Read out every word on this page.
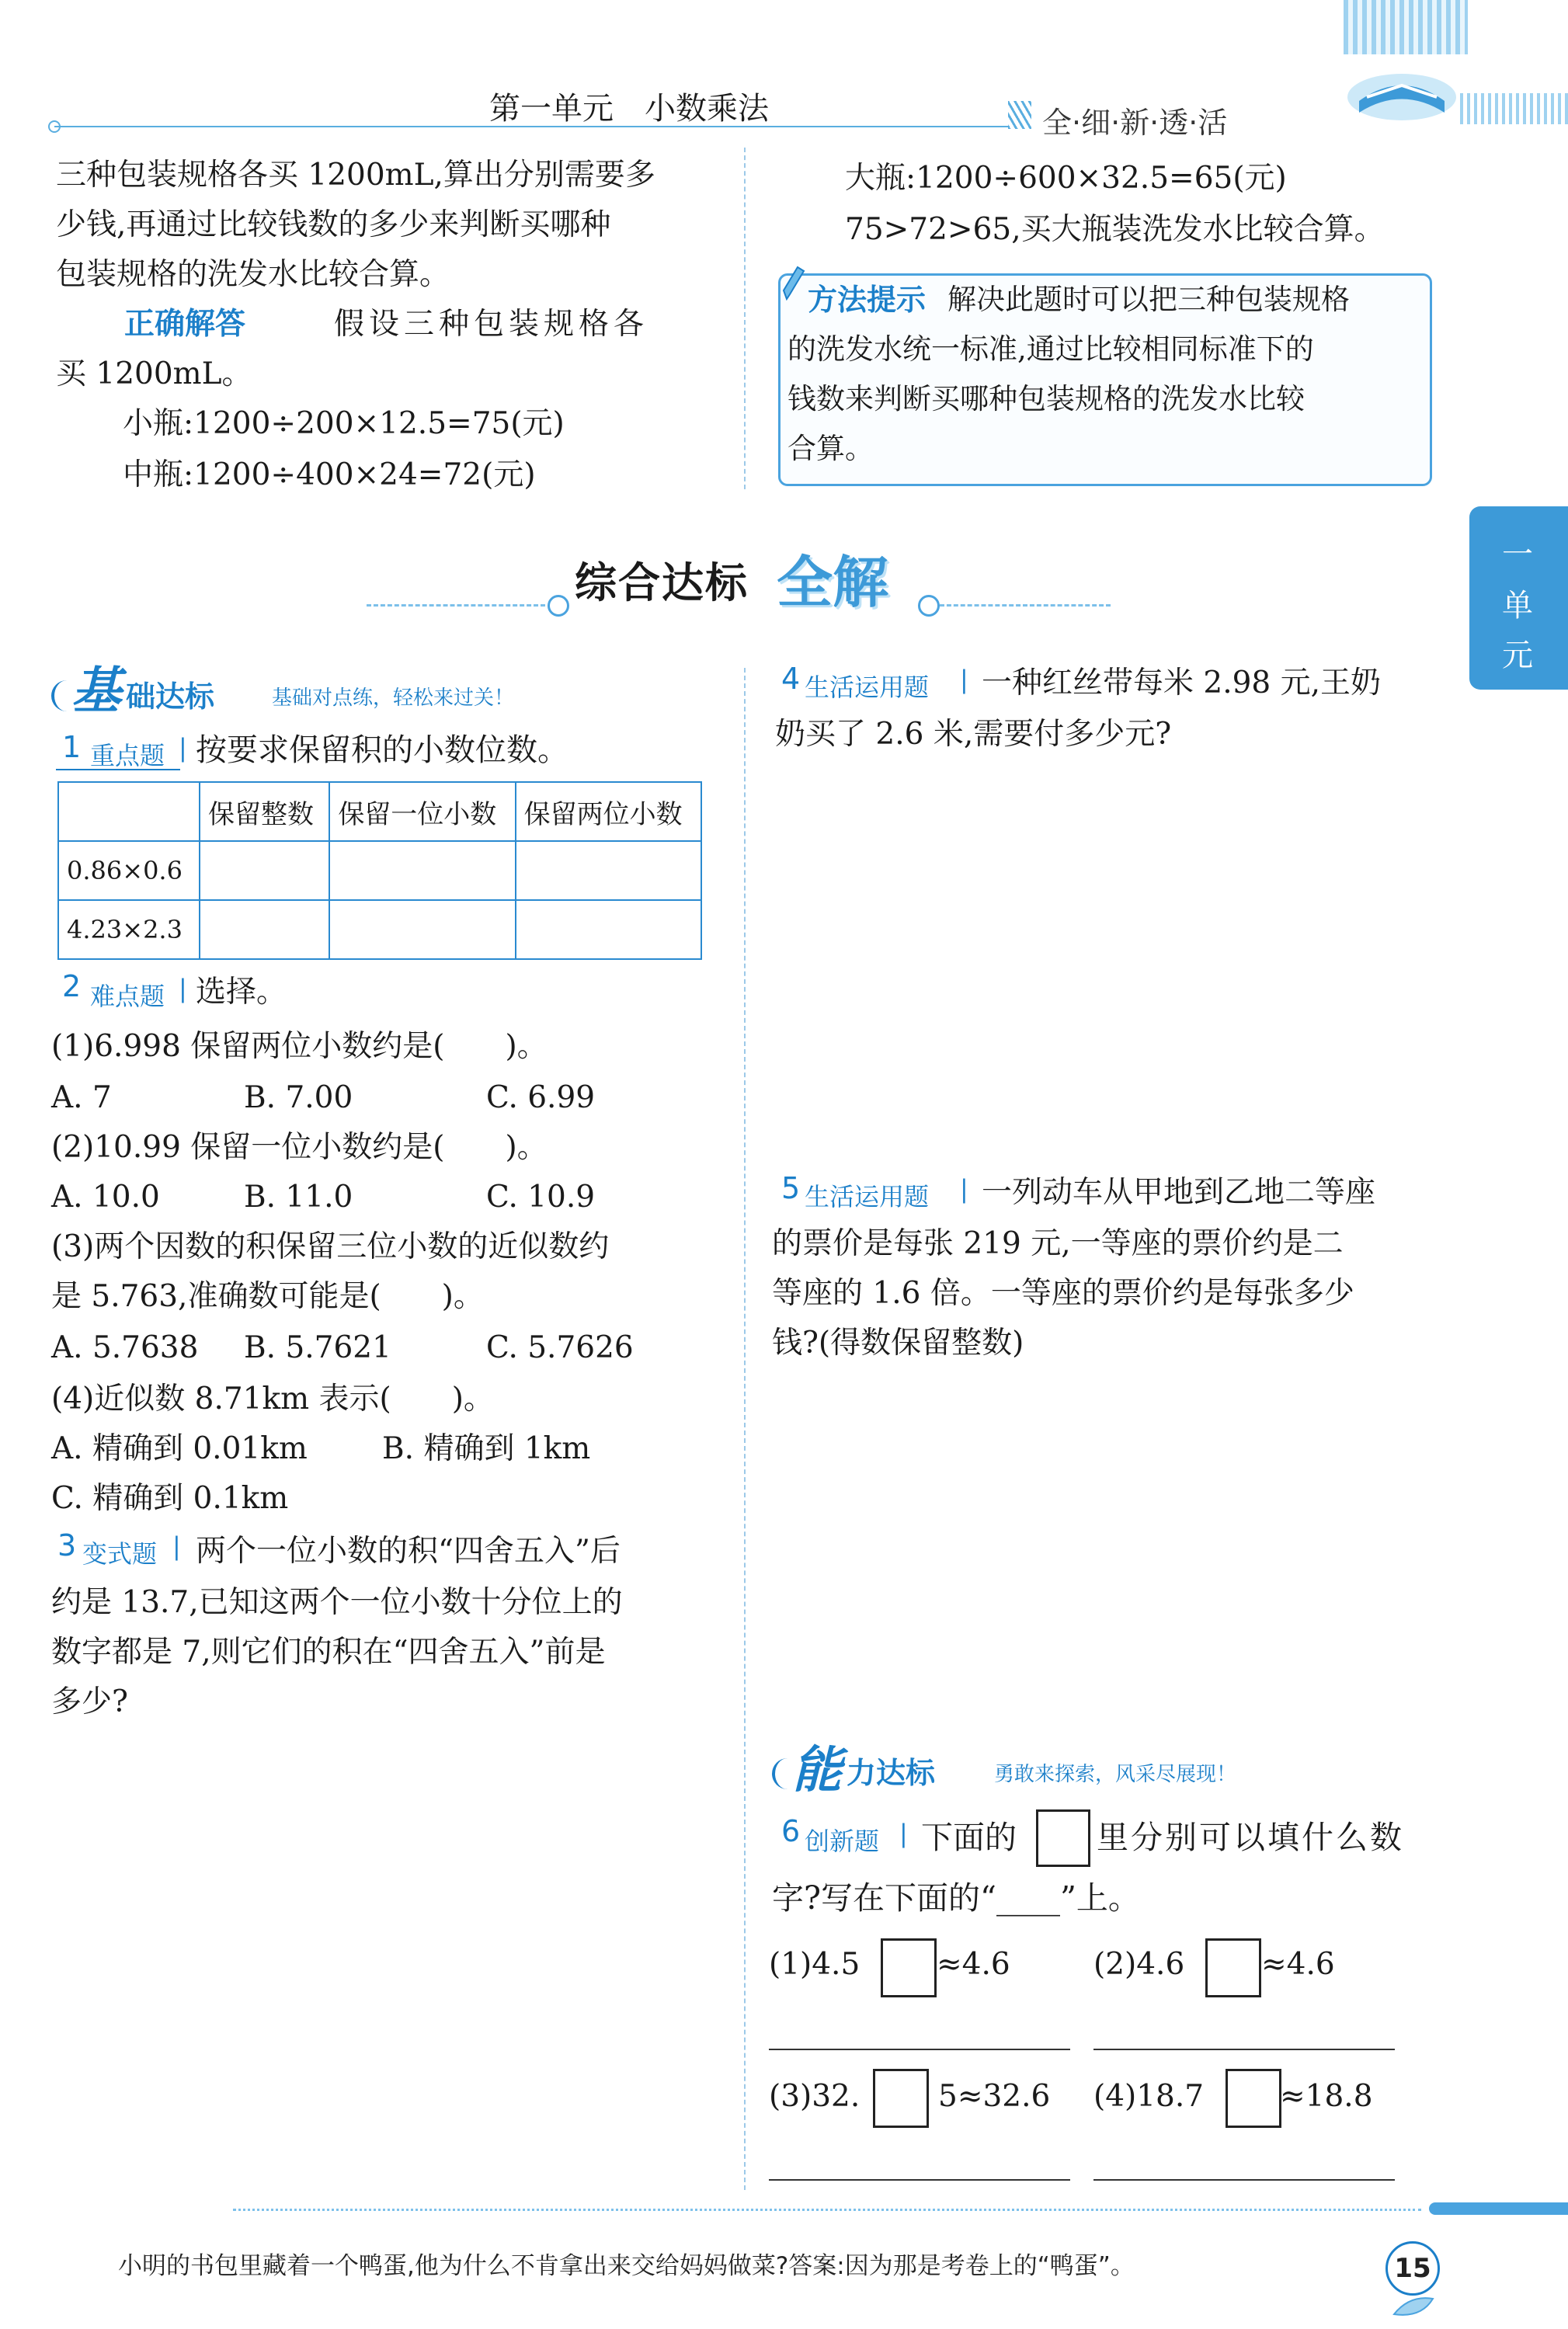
第一单元　小数乘法	全·细·新·透·活
三种包装规格各买 1200mL,算出分别需要多
少钱,再通过比较钱数的多少来判断买哪种
包装规格的洗发水比较合算。
正确解答	假设三种包装规格各
买 1200mL。
小瓶:1200÷200×12.5=75(元)
中瓶:1200÷400×24=72(元)
大瓶:1200÷600×32.5=65(元)
75>72>65,买大瓶装洗发水比较合算。
方法提示 解决此题时可以把三种包装规格
的洗发水统一标准,通过比较相同标准下的
钱数来判断买哪种包装规格的洗发水比较
合算。
一
单
元
综合达标 全解
基 础达标	基础对点练，轻松来过关！
1 重点题 | 按要求保留积的小数位数。
	保留整数	保留一位小数	保留两位小数
0.86×0.6			
4.23×2.3			
2 难点题 | 选择。
(1)6.998 保留两位小数约是(　　)。
A. 7	B. 7.00	C. 6.99
(2)10.99 保留一位小数约是(　　)。
A. 10.0	B. 11.0	C. 10.9
(3)两个因数的积保留三位小数的近似数约
是 5.763,准确数可能是(　　)。
A. 5.7638 B. 5.7621	C. 5.7626
(4)近似数 8.71km 表示(　　)。
A. 精确到 0.01km B. 精确到 1km
C. 精确到 0.1km
3 变式题 | 两个一位小数的积“四舍五入”后
约是 13.7,已知这两个一位小数十分位上的
数字都是 7,则它们的积在“四舍五入”前是
多少?
4 生活运用题 | 一种红丝带每米 2.98 元,王奶
奶买了 2.6 米,需要付多少元?
5 生活运用题 | 一列动车从甲地到乙地二等座
的票价是每张 219 元,一等座的票价约是二
等座的 1.6 倍。一等座的票价约是每张多少
钱?(得数保留整数)
能 力达标	勇敢来探索，风采尽展现！
6 创新题 | 下面的	里分别可以填什么数
字?写在下面的“____”上。
(1)4.5	≈4.6	(2)4.6	≈4.6
(3)32.	5≈32.6 (4)18.7	≈18.8
小明的书包里藏着一个鸭蛋,他为什么不肯拿出来交给妈妈做菜?答案:因为那是考卷上的“鸭蛋”。	15
